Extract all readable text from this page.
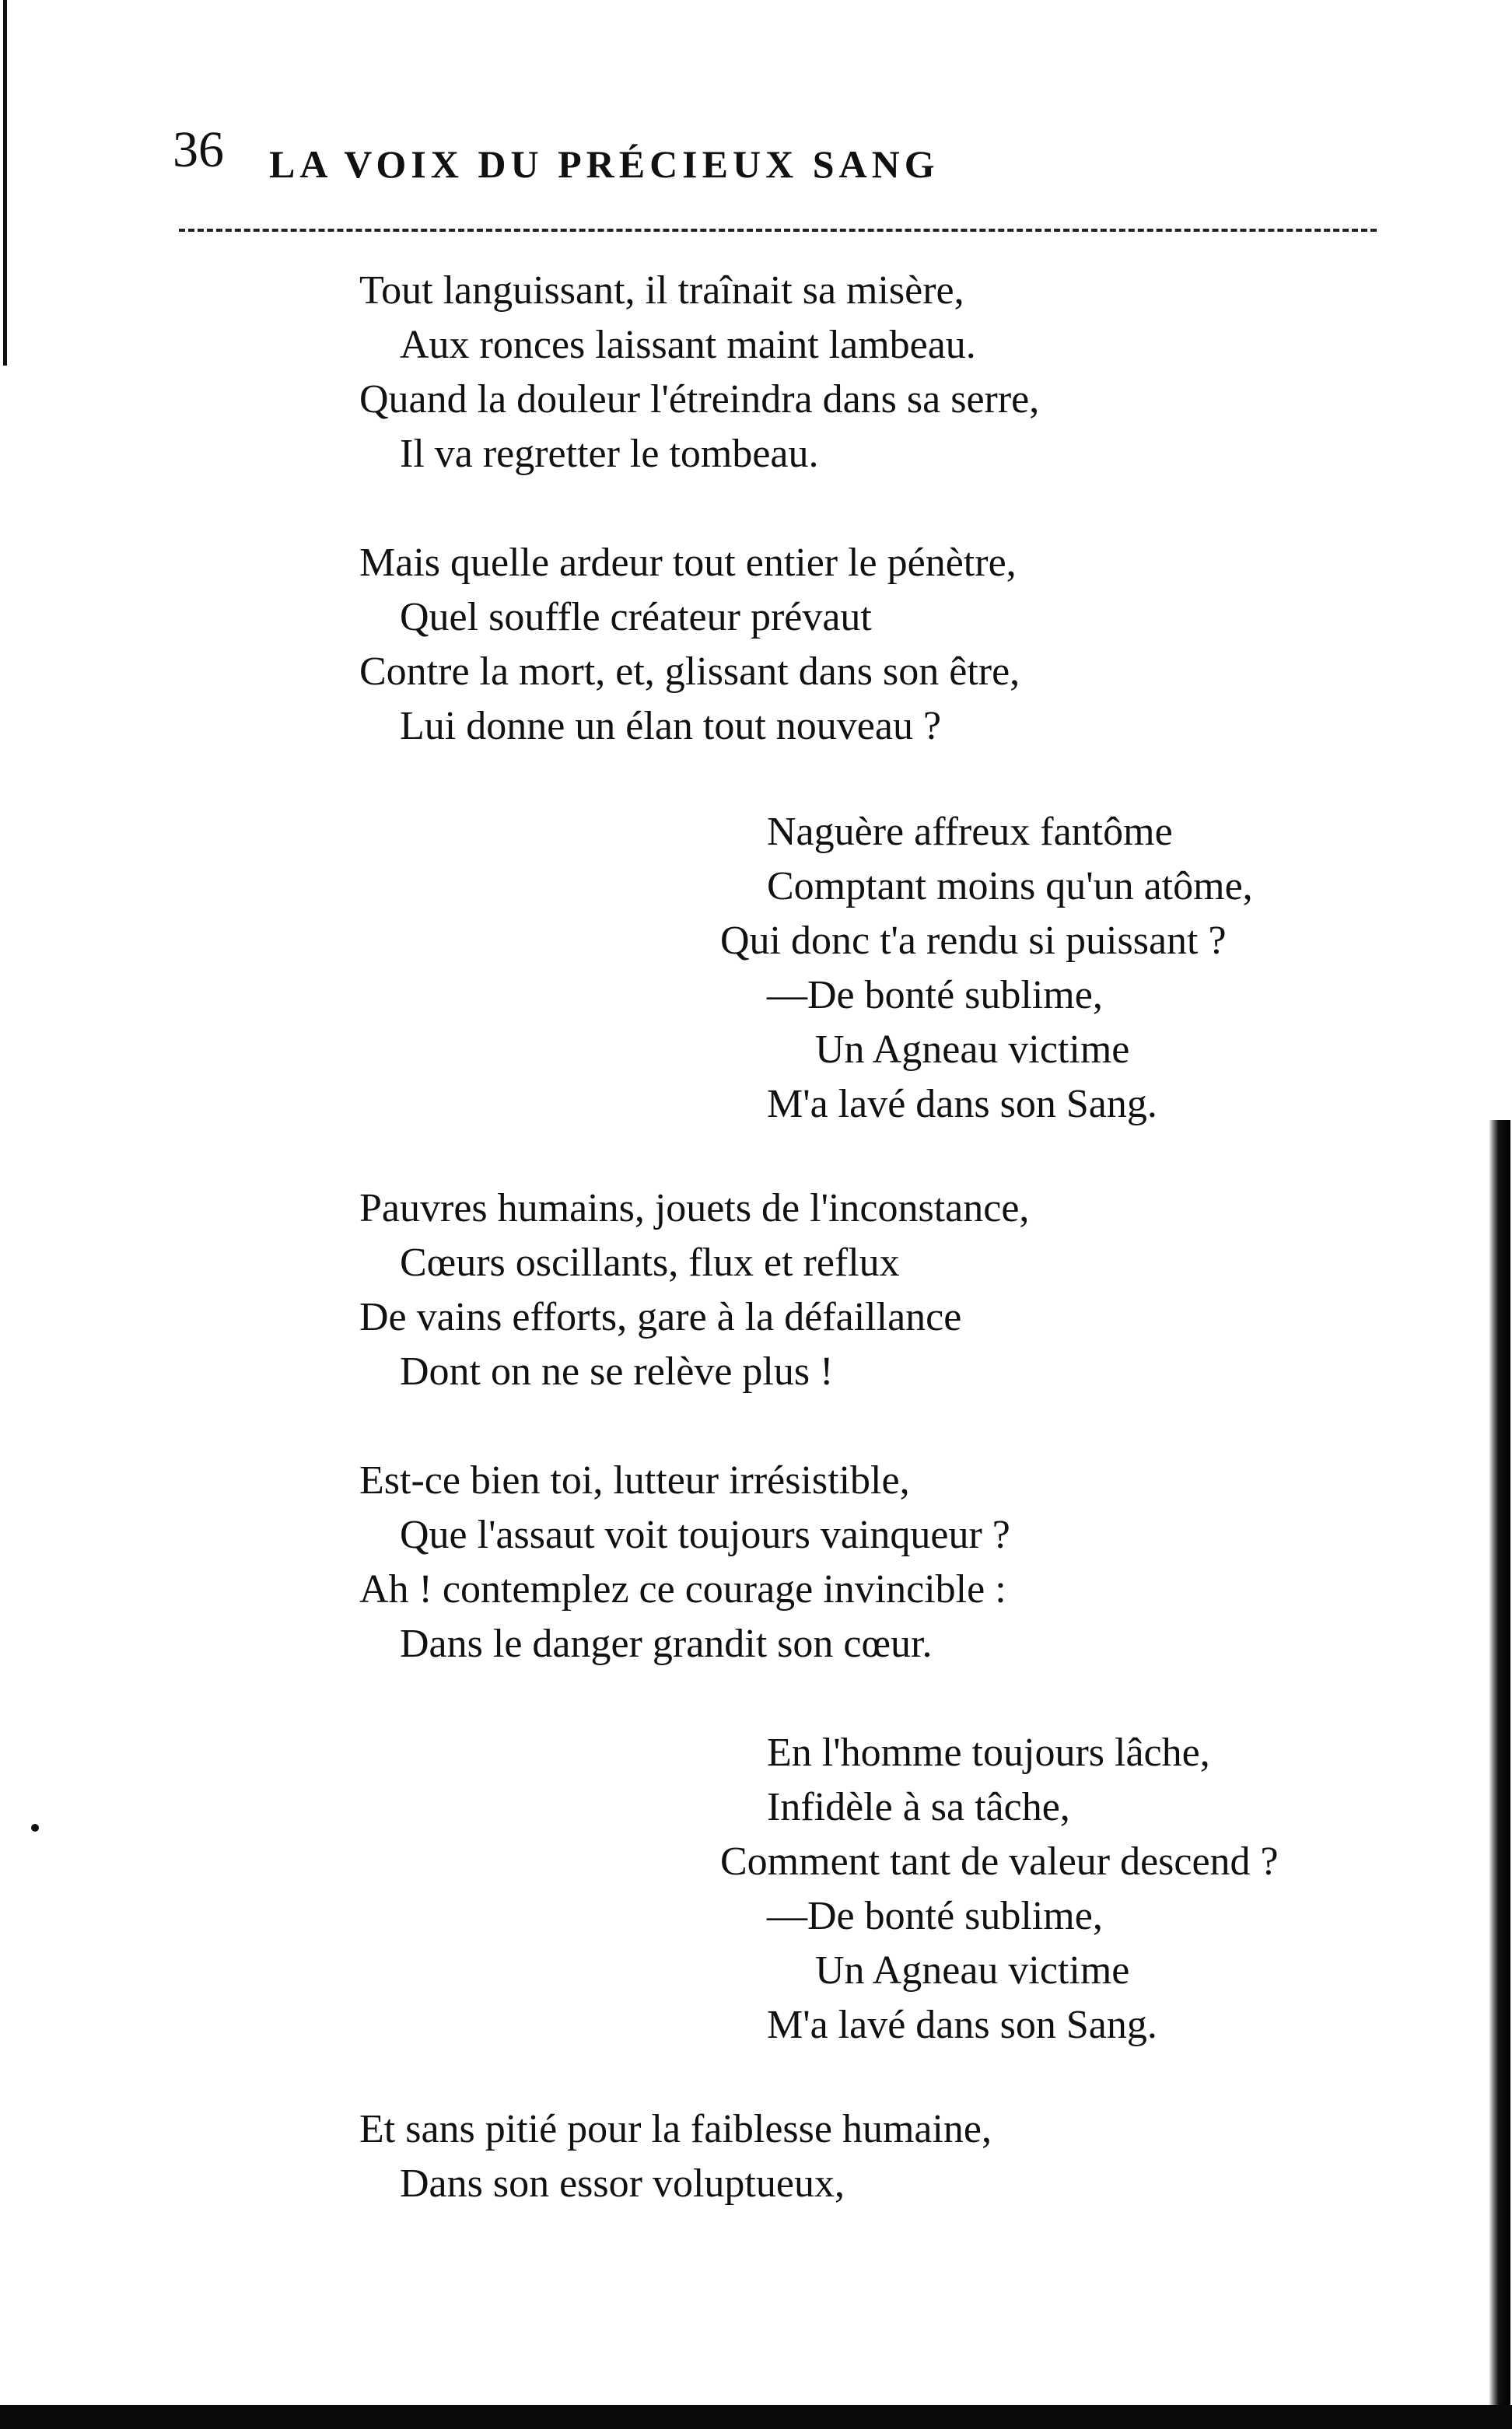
36 LA VOIX DU PRÉCIEUX SANG
Tout languissant, il traînait sa misère,
Aux ronces laissant maint lambeau.
Quand la douleur l'étreindra dans sa serre,
Il va regretter le tombeau.
Mais quelle ardeur tout entier le pénètre,
Quel souffle créateur prévaut
Contre la mort, et, glissant dans son être,
Lui donne un élan tout nouveau ?
Naguère affreux fantôme
Comptant moins qu'un atôme,
Qui donc t'a rendu si puissant ?
—De bonté sublime,
Un Agneau victime
M'a lavé dans son Sang.
Pauvres humains, jouets de l'inconstance,
Cœurs oscillants, flux et reflux
De vains efforts, gare à la défaillance
Dont on ne se relève plus !
Est-ce bien toi, lutteur irrésistible,
Que l'assaut voit toujours vainqueur ?
Ah ! contemplez ce courage invincible :
Dans le danger grandit son cœur.
En l'homme toujours lâche,
Infidèle à sa tâche,
Comment tant de valeur descend ?
—De bonté sublime,
Un Agneau victime
M'a lavé dans son Sang.
Et sans pitié pour la faiblesse humaine,
Dans son essor voluptueux,
